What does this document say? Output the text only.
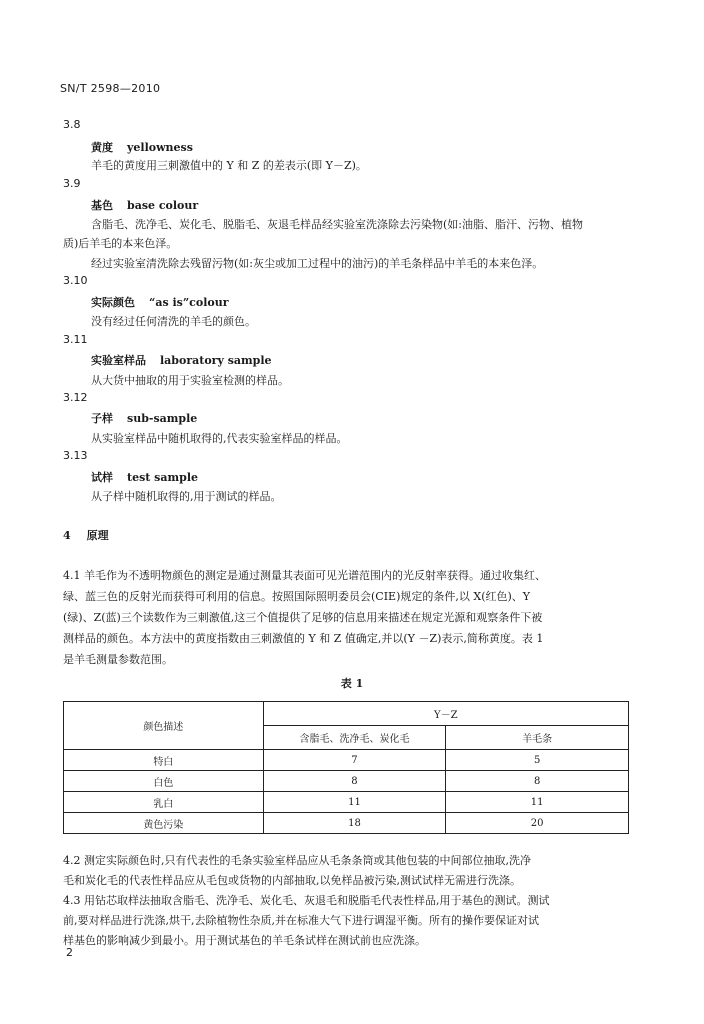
SN/T 2598—2010
3.8
黄度 yellowness
羊毛的黄度用三刺激值中的 Y 和 Z 的差表示(即 Y－Z)。
3.9
基色 base colour
含脂毛、洗净毛、炭化毛、脱脂毛、灰退毛样品经实验室洗涤除去污染物(如:油脂、脂汗、污物、植物
质)后羊毛的本来色泽。
经过实验室清洗除去残留污物(如:灰尘或加工过程中的油污)的羊毛条样品中羊毛的本来色泽。
3.10
实际颜色 “as is”colour
没有经过任何清洗的羊毛的颜色。
3.11
实验室样品 laboratory sample
从大货中抽取的用于实验室检测的样品。
3.12
子样 sub-sample
从实验室样品中随机取得的,代表实验室样品的样品。
3.13
试样 test sample
从子样中随机取得的,用于测试的样品。
4 原理
4.1 羊毛作为不透明物颜色的测定是通过测量其表面可见光谱范围内的光反射率获得。通过收集红、
绿、蓝三色的反射光而获得可利用的信息。按照国际照明委员会(CIE)规定的条件,以 X(红色)、Y
(绿)、Z(蓝)三个读数作为三刺激值,这三个值提供了足够的信息用来描述在规定光源和观察条件下被
测样品的颜色。本方法中的黄度指数由三刺激值的 Y 和 Z 值确定,并以(Y －Z)表示,简称黄度。表 1
是羊毛测量参数范围。
表 1
颜色描述	Y－Z	
	含脂毛、洗净毛、炭化毛	羊毛条
特白	7	5
白色	8	8
乳白	11	11
黄色污染	18	20
4.2 测定实际颜色时,只有代表性的毛条实验室样品应从毛条条筒或其他包装的中间部位抽取,洗净
毛和炭化毛的代表性样品应从毛包或货物的内部抽取,以免样品被污染,测试试样无需进行洗涤。
4.3 用钻芯取样法抽取含脂毛、洗净毛、炭化毛、灰退毛和脱脂毛代表性样品,用于基色的测试。测试
前,要对样品进行洗涤,烘干,去除植物性杂质,并在标准大气下进行调湿平衡。所有的操作要保证对试
样基色的影响减少到最小。用于测试基色的羊毛条试样在测试前也应洗涤。
2
